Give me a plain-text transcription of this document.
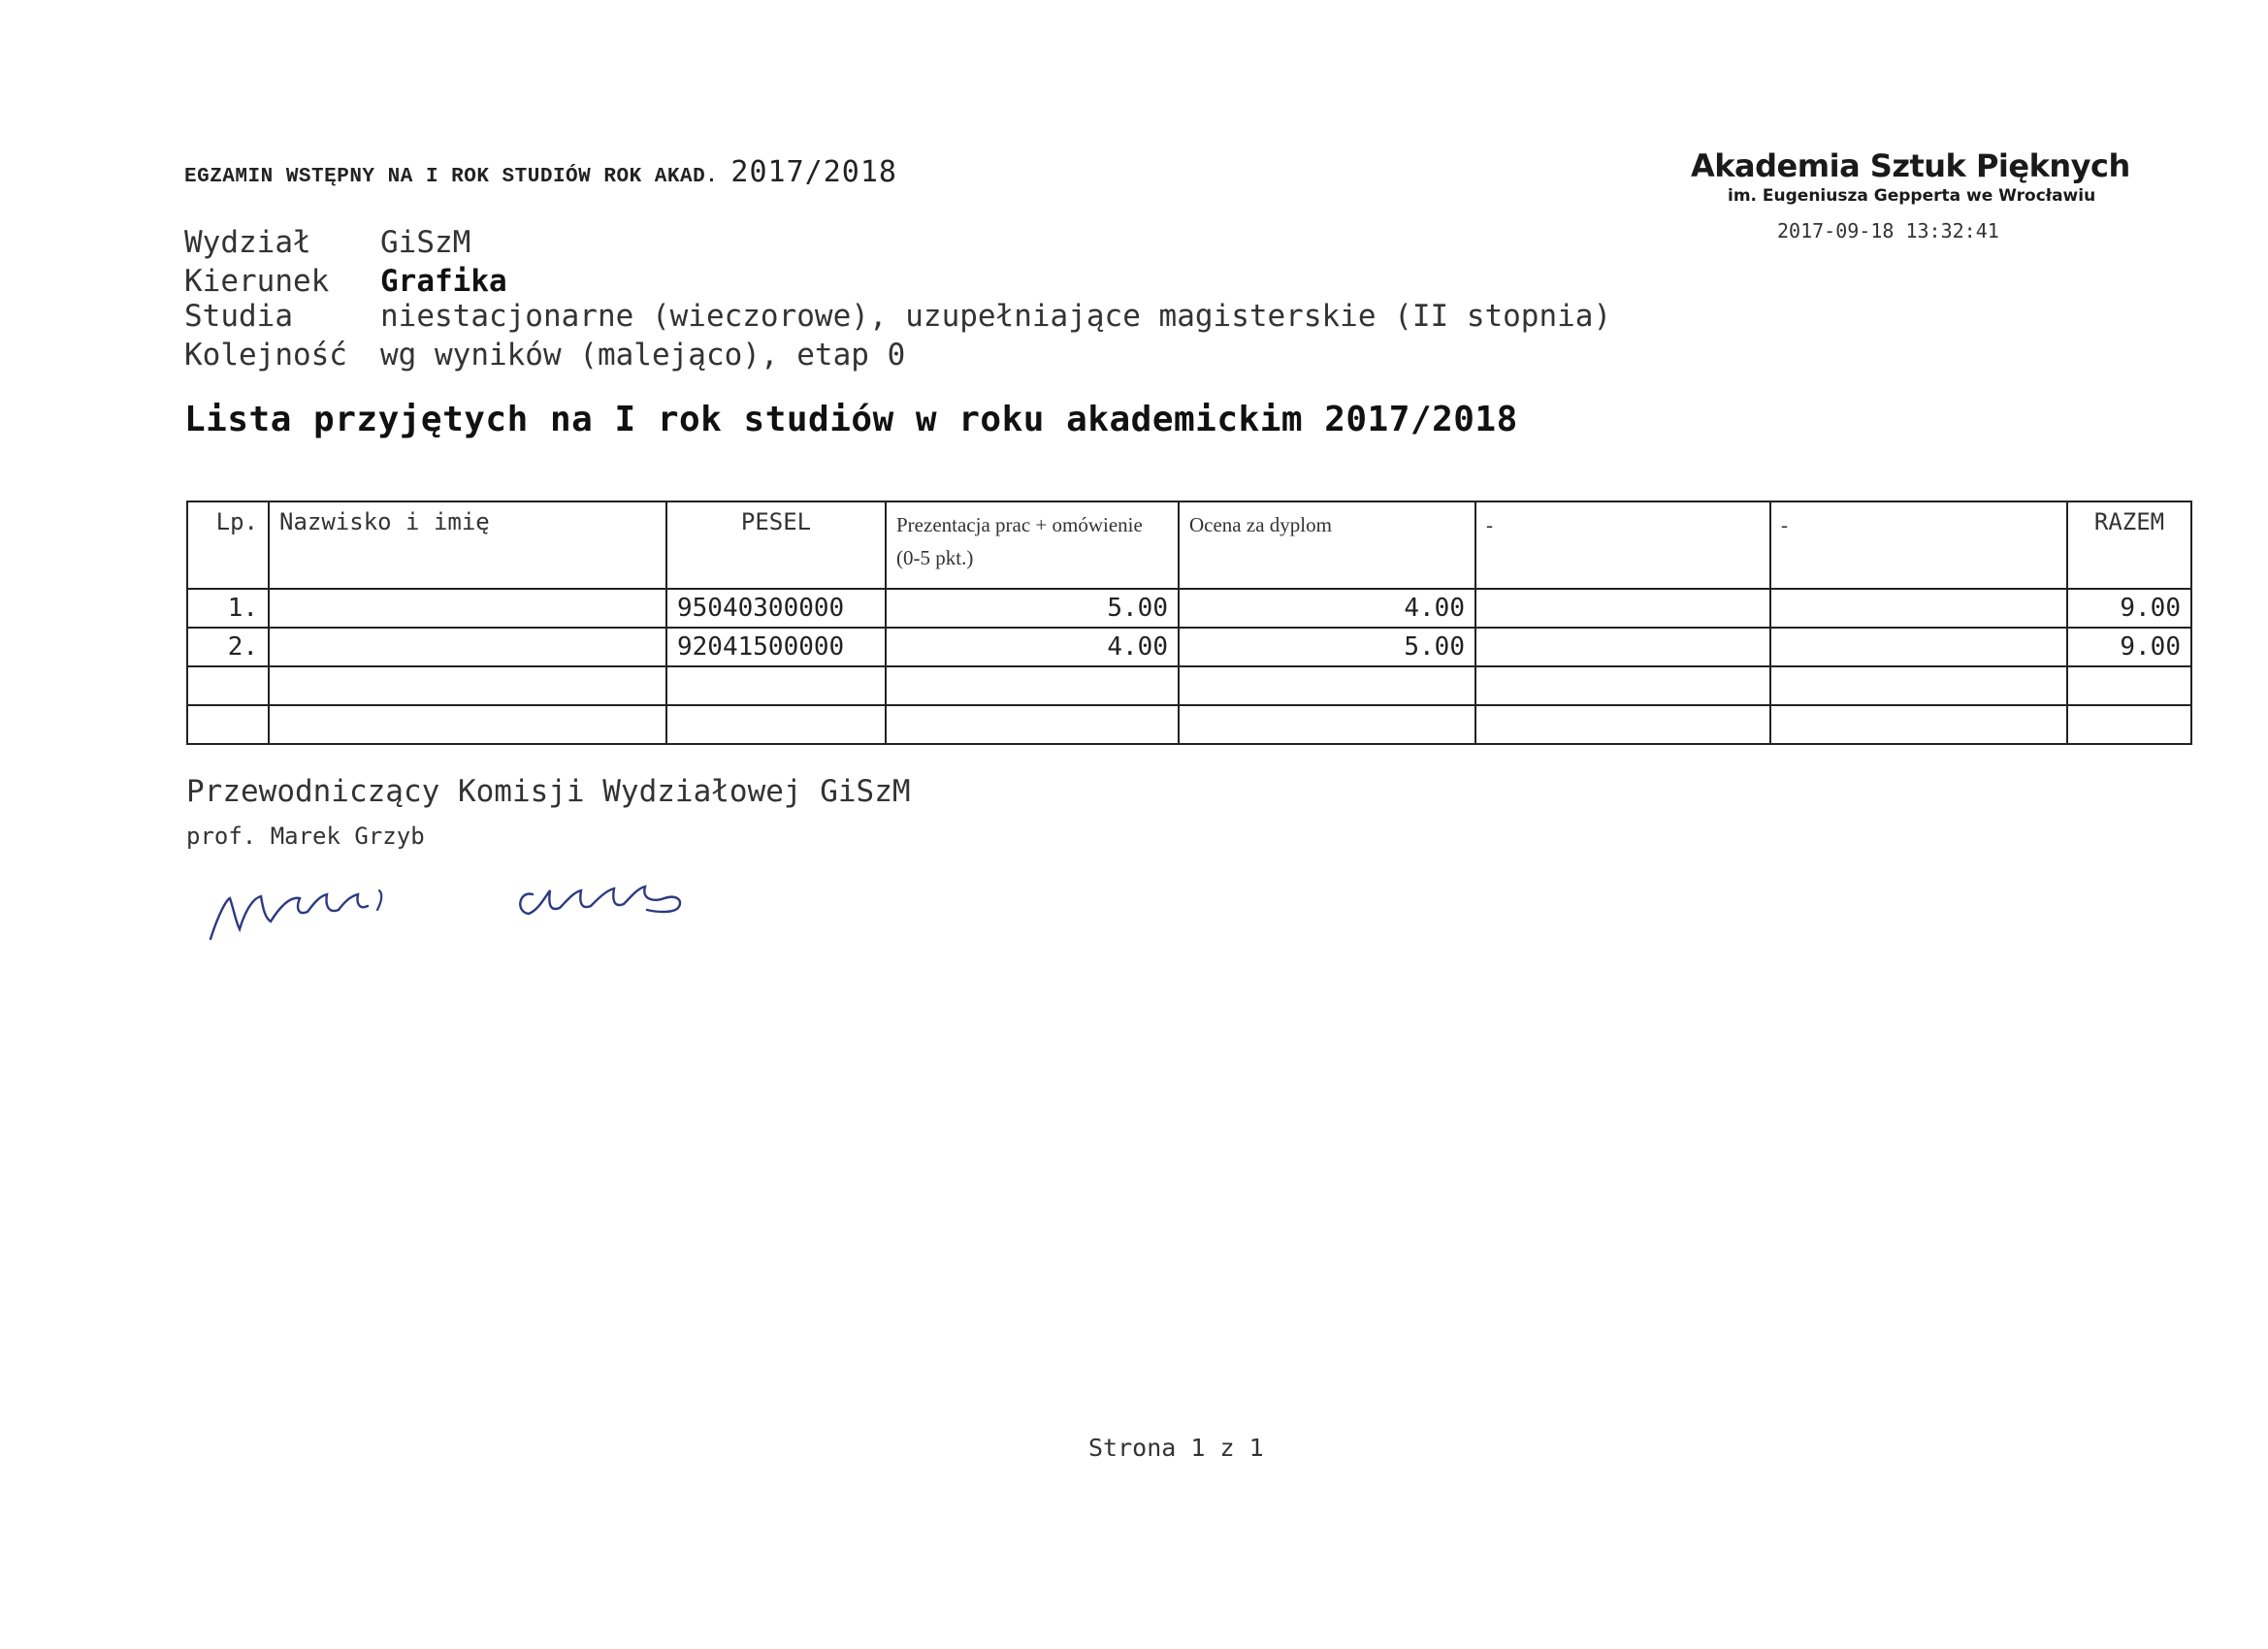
EGZAMIN WSTĘPNY NA I ROK STUDIÓW ROK AKAD. 2017/2018	Akademia Sztuk Pięknych
im. Eugeniusza Gepperta we Wrocławiu
2017-09-18 13:32:41
Wydział GiSzM
Kierunek Grafika
Studia	niestacjonarne (wieczorowe), uzupełniające magisterskie (II stopnia)
Kolejność wg wyników (malejąco), etap 0
Lista przyjętych na I rok studiów w roku akademickim 2017/2018
Lp.	Nazwisko i imię	PESEL	Prezentacja prac + omówienie (0-5 pkt.)	Ocena za dyplom	-	-	RAZEM
1.		95040300000	5.00	4.00			9.00
2.		92041500000	4.00	5.00			9.00

Przewodniczący Komisji Wydziałowej GiSzM
prof. Marek Grzyb
Strona 1 z 1
